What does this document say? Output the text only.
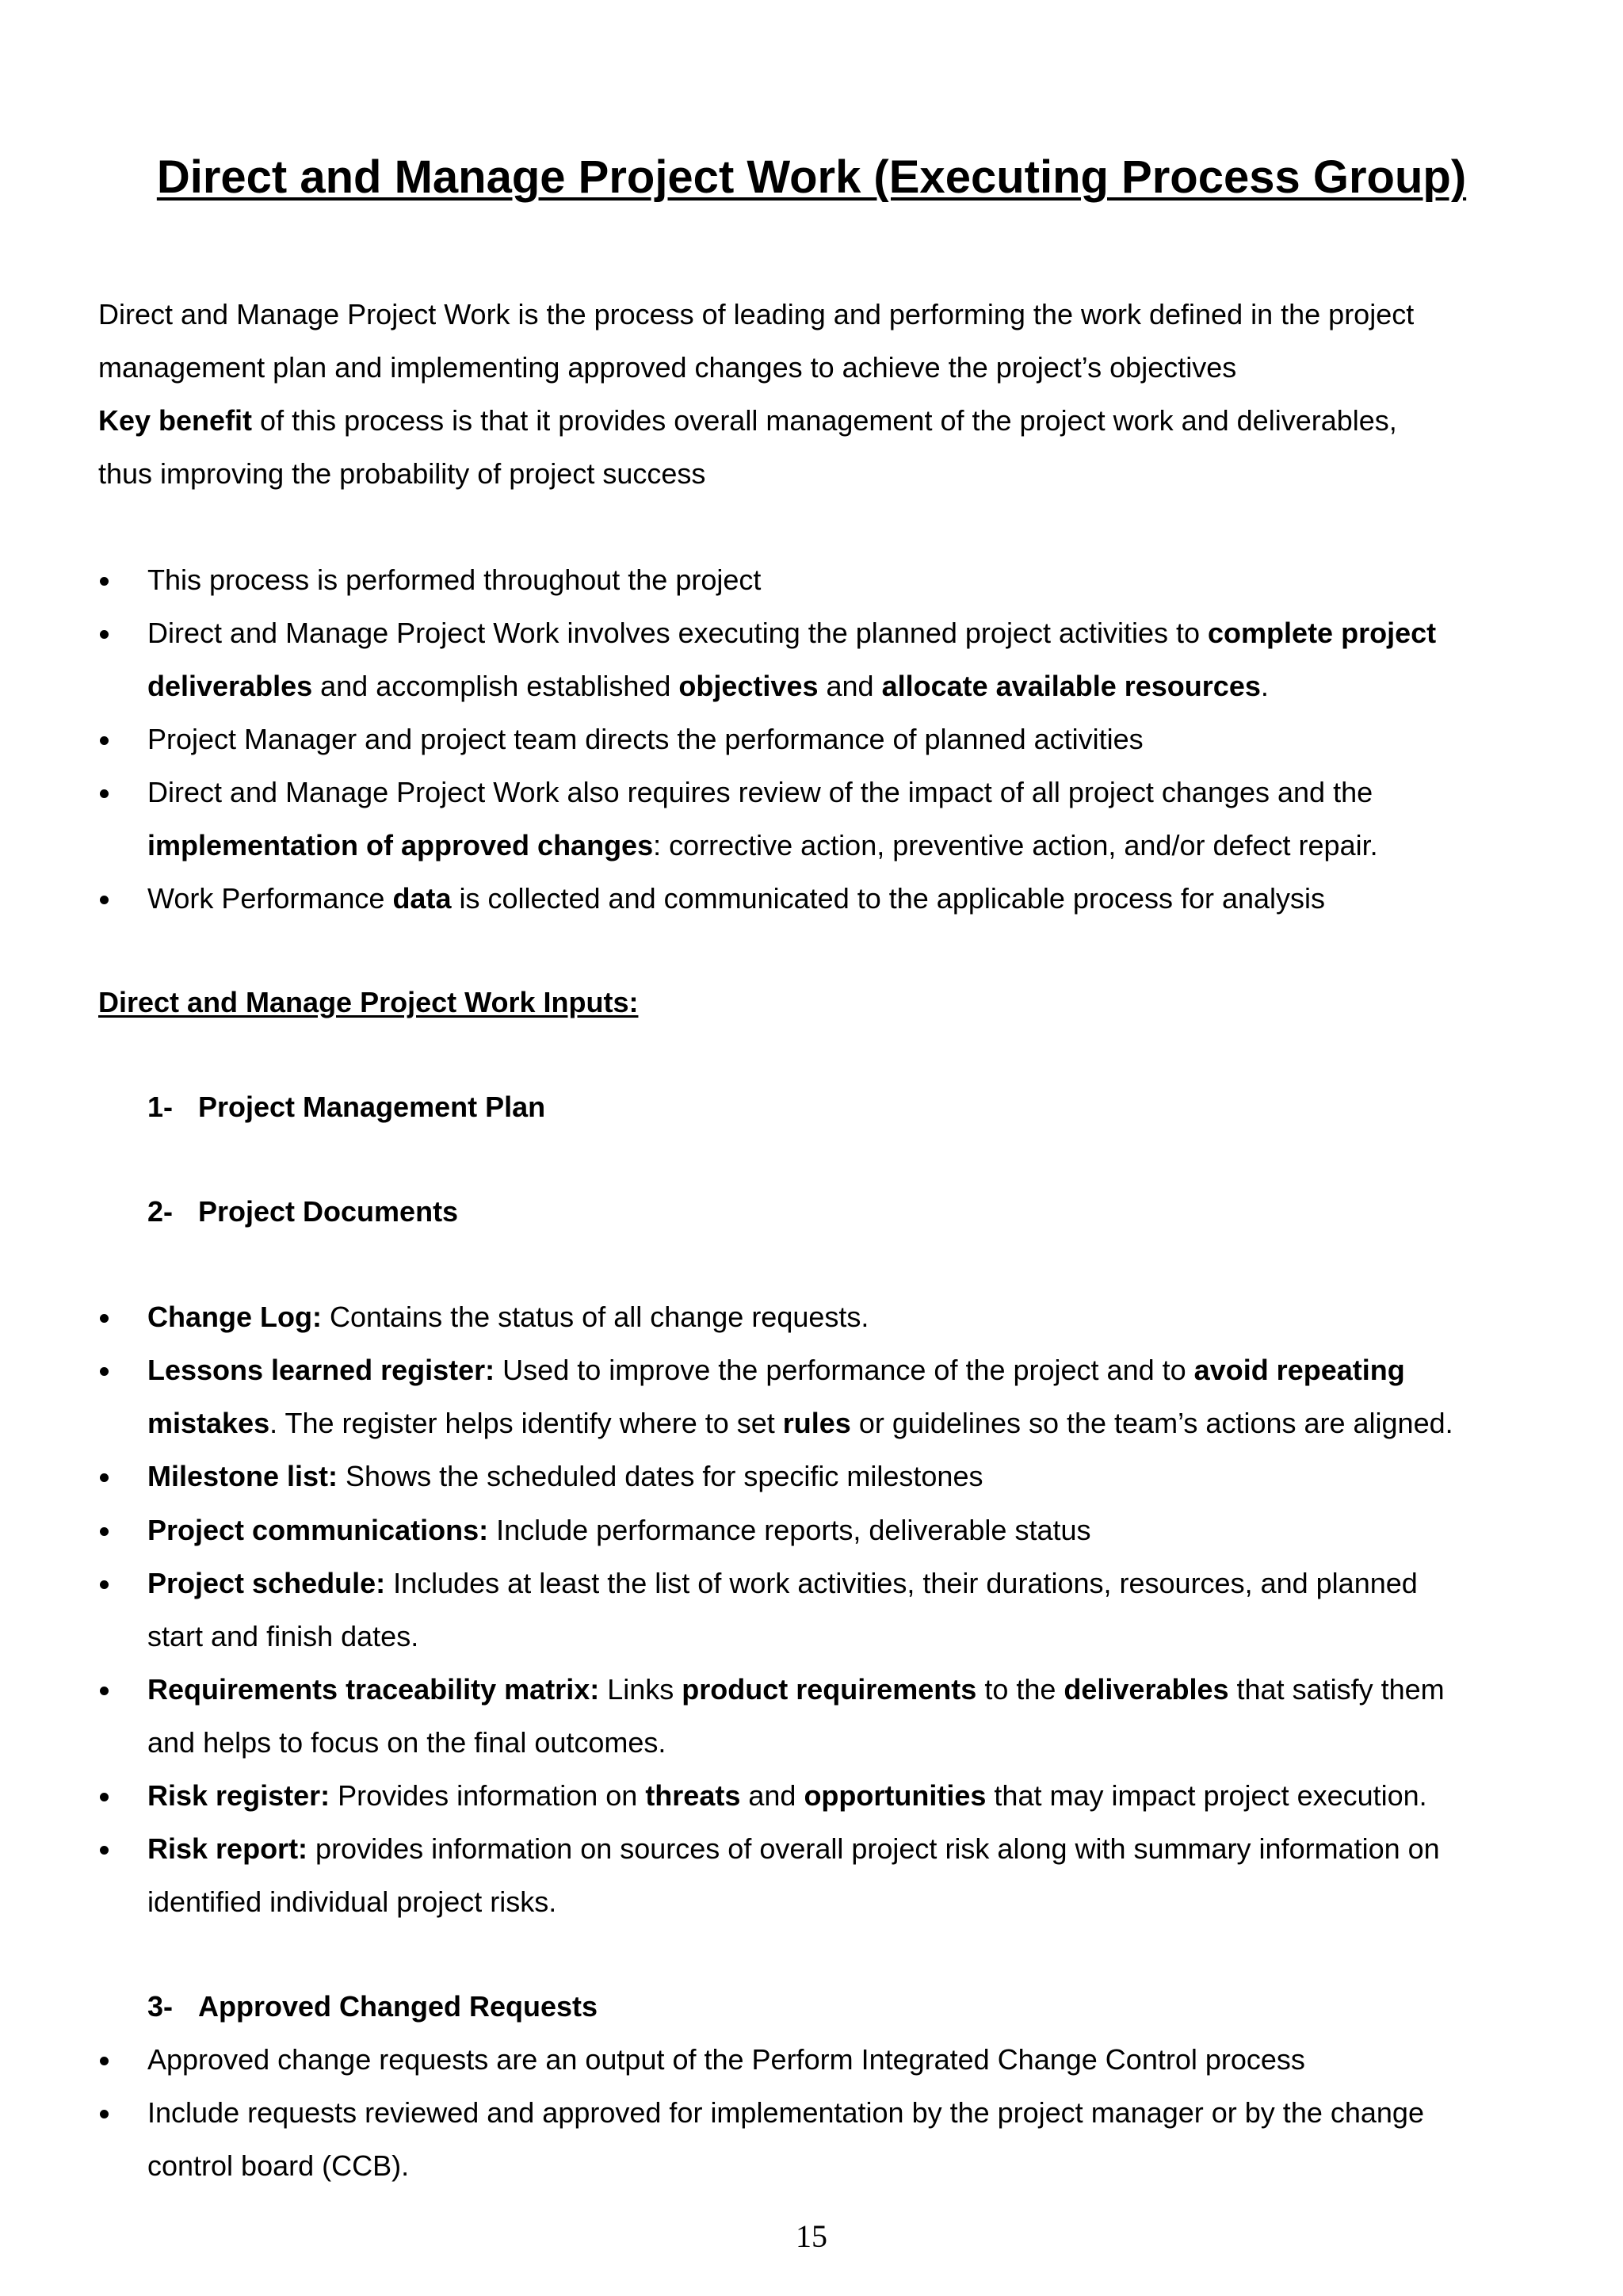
Direct and Manage Project Work (Executing Process Group)

Direct and Manage Project Work is the process of leading and performing the work defined in the project

management plan and implementing approved changes to achieve the project’s objectives

Key benefit of this process is that it provides overall management of the project work and deliverables,

thus improving the probability of project success

This process is performed throughout the project

Direct and Manage Project Work involves executing the planned project activities to complete project

deliverables and accomplish established objectives and allocate available resources.

Project Manager and project team directs the performance of planned activities

Direct and Manage Project Work also requires review of the impact of all project changes and the

implementation of approved changes: corrective action, preventive action, and/or defect repair.

Work Performance data is collected and communicated to the applicable process for analysis

Direct and Manage Project Work Inputs:

1- Project Management Plan

2- Project Documents

Change Log: Contains the status of all change requests.

Lessons learned register: Used to improve the performance of the project and to avoid repeating

mistakes. The register helps identify where to set rules or guidelines so the team’s actions are aligned.

Milestone list: Shows the scheduled dates for specific milestones

Project communications: Include performance reports, deliverable status

Project schedule: Includes at least the list of work activities, their durations, resources, and planned

start and finish dates.

Requirements traceability matrix: Links product requirements to the deliverables that satisfy them

and helps to focus on the final outcomes.

Risk register: Provides information on threats and opportunities that may impact project execution.

Risk report: provides information on sources of overall project risk along with summary information on

identified individual project risks.

3- Approved Changed Requests

Approved change requests are an output of the Perform Integrated Change Control process

Include requests reviewed and approved for implementation by the project manager or by the change

control board (CCB).

15
